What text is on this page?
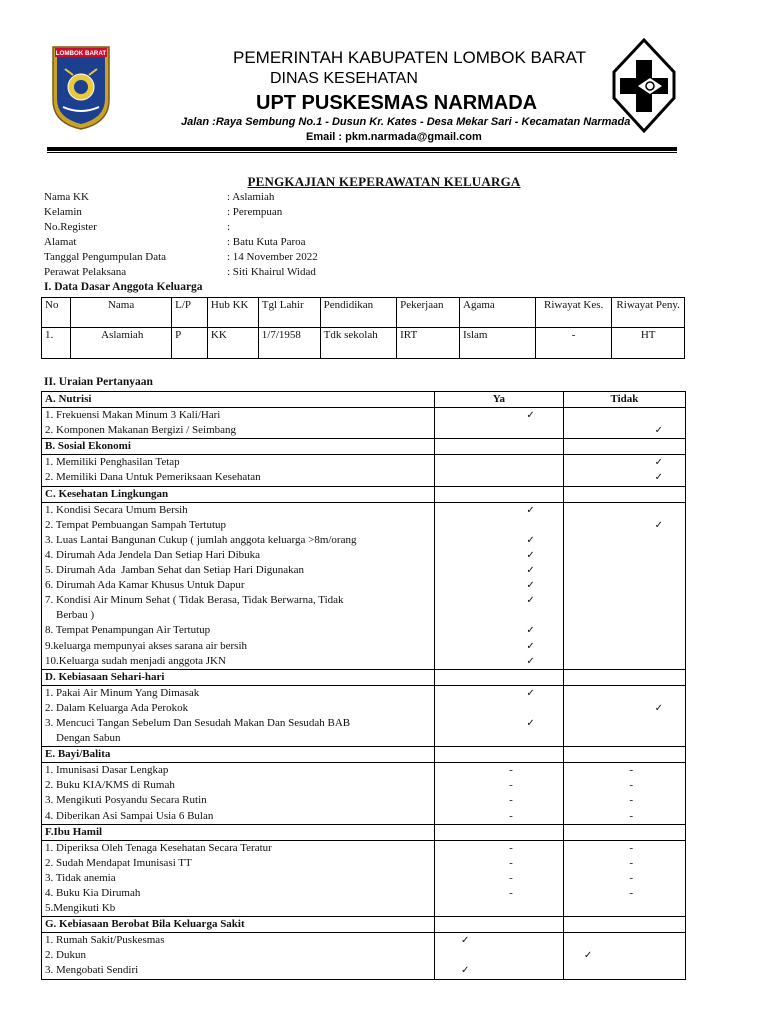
LOMBOK BARAT	PEMERINTAH KABUPATEN LOMBOK BARAT
DINAS KESEHATAN
UPT PUSKESMAS NARMADA
Jalan :Raya Sembung No.1 - Dusun Kr. Kates - Desa Mekar Sari - Kecamatan Narmada
Email : pkm.narmada@gmail.com
PENGKAJIAN KEPERAWATAN KELUARGA
Nama KK	: Aslamiah
Kelamin	: Perempuan
No.Register	:
Alamat	: Batu Kuta Paroa
Tanggal Pengumpulan Data	: 14 November 2022
Perawat Pelaksana	: Siti Khairul Widad
I. Data Dasar Anggota Keluarga
No	Nama	L/P	Hub KK	Tgl Lahir	Pendidikan	Pekerjaan	Agama	Riwayat Kes.	Riwayat Peny.
1.	Aslamiah	P	KK	1/7/1958	Tdk sekolah	IRT	Islam	-	HT
II. Uraian Pertanyaan
A. Nutrisi	Ya	Tidak
1. Frekuensi Makan Minum 3 Kali/Hari	✓	
2. Komponen Makanan Bergizi / Seimbang		✓
B. Sosial Ekonomi		
1. Memiliki Penghasilan Tetap		✓
2. Memiliki Dana Untuk Pemeriksaan Kesehatan		✓
C. Kesehatan Lingkungan		
1. Kondisi Secara Umum Bersih	✓	
2. Tempat Pembuangan Sampah Tertutup		✓
3. Luas Lantai Bangunan Cukup ( jumlah anggota keluarga >8m/orang	✓	
4. Dirumah Ada Jendela Dan Setiap Hari Dibuka	✓	
5. Dirumah Ada  Jamban Sehat dan Setiap Hari Digunakan	✓	
6. Dirumah Ada Kamar Khusus Untuk Dapur	✓	
7. Kondisi Air Minum Sehat ( Tidak Berasa, Tidak Berwarna, Tidak	✓	
Berbau )		
8. Tempat Penampungan Air Tertutup	✓	
9.keluarga mempunyai akses sarana air bersih	✓	
10.Keluarga sudah menjadi anggota JKN	✓	
D. Kebiasaan Sehari-hari		
1. Pakai Air Minum Yang Dimasak	✓	
2. Dalam Keluarga Ada Perokok		✓
3. Mencuci Tangan Sebelum Dan Sesudah Makan Dan Sesudah BAB	✓	
Dengan Sabun		
E. Bayi/Balita		
1. Imunisasi Dasar Lengkap	-	-
2. Buku KIA/KMS di Rumah	-	-
3. Mengikuti Posyandu Secara Rutin	-	-
4. Diberikan Asi Sampai Usia 6 Bulan	-	-
F.Ibu Hamil		
1. Diperiksa Oleh Tenaga Kesehatan Secara Teratur	-	-
2. Sudah Mendapat Imunisasi TT	-	-
3. Tidak anemia	-	-
4. Buku Kia Dirumah	-	-
5.Mengikuti Kb		
G. Kebiasaan Berobat Bila Keluarga Sakit		
1. Rumah Sakit/Puskesmas	✓	
2. Dukun		✓
3. Mengobati Sendiri	✓	
